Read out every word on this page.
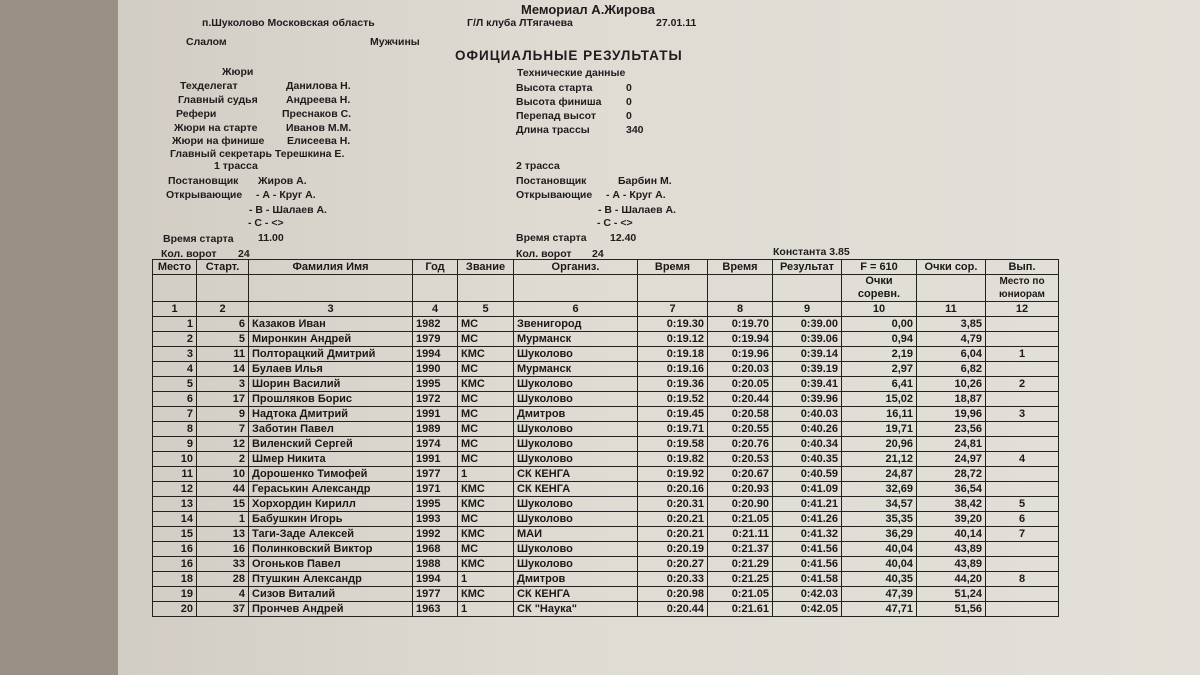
Мемориал А.Жирова
п.Шуколово Московская область	Г/Л клуба ЛТягачева	27.01.11
Слалом	Мужчины
ОФИЦИАЛЬНЫЕ РЕЗУЛЬТАТЫ
Жюри
Техделегат	Данилова Н.
Главный судья	Андреева Н.
Рефери	Преснаков С.
Жюри на старте	Иванов М.М.
Жюри на финише Елисеева Н.
Главный секретарь Терешкина Е.
Технические данные
Высота старта	0
Высота финиша 0
Перепад высот	0
Длина трассы	340
1 трасса
Постановщик Жиров А.
Открывающие - А - Круг А.
- В - Шалаев А.
- С - <>
Время старта 11.00
Кол. ворот 24
2 трасса
Постановщик	Барбин М.
Открывающие - А - Круг А.
- В - Шалаев А.
- С - <>
Время старта 12.40
Кол. ворот 24	Константа 3.85
Место	Старт.	Фамилия Имя	Год	Звание	Организ.	Время	Время	Результат	F = 610	Очки сор.	Вып.
									Очки соревн.		Место по юниорам
1	2	3	4	5	6	7	8	9	10	11	12
1	6	Казаков Иван	1982	МС	Звенигород	0:19.30	0:19.70	0:39.00	0,00	3,85	
2	5	Миронкин Андрей	1979	МС	Мурманск	0:19.12	0:19.94	0:39.06	0,94	4,79	
3	11	Полторацкий Дмитрий	1994	КМС	Шуколово	0:19.18	0:19.96	0:39.14	2,19	6,04	1
4	14	Булаев Илья	1990	МС	Мурманск	0:19.16	0:20.03	0:39.19	2,97	6,82	
5	3	Шорин Василий	1995	КМС	Шуколово	0:19.36	0:20.05	0:39.41	6,41	10,26	2
6	17	Прошляков Борис	1972	МС	Шуколово	0:19.52	0:20.44	0:39.96	15,02	18,87	
7	9	Надтока Дмитрий	1991	МС	Дмитров	0:19.45	0:20.58	0:40.03	16,11	19,96	3
8	7	Заботин Павел	1989	МС	Шуколово	0:19.71	0:20.55	0:40.26	19,71	23,56	
9	12	Виленский Сергей	1974	МС	Шуколово	0:19.58	0:20.76	0:40.34	20,96	24,81	
10	2	Шмер Никита	1991	МС	Шуколово	0:19.82	0:20.53	0:40.35	21,12	24,97	4
11	10	Дорошенко Тимофей	1977	1	СК КЕНГА	0:19.92	0:20.67	0:40.59	24,87	28,72	
12	44	Гераськин Александр	1971	КМС	СК КЕНГА	0:20.16	0:20.93	0:41.09	32,69	36,54	
13	15	Хорхордин Кирилл	1995	КМС	Шуколово	0:20.31	0:20.90	0:41.21	34,57	38,42	5
14	1	Бабушкин Игорь	1993	МС	Шуколово	0:20.21	0:21.05	0:41.26	35,35	39,20	6
15	13	Таги-Заде Алексей	1992	КМС	МАИ	0:20.21	0:21.11	0:41.32	36,29	40,14	7
16	16	Полинковский Виктор	1968	МС	Шуколово	0:20.19	0:21.37	0:41.56	40,04	43,89	
16	33	Огоньков Павел	1988	КМС	Шуколово	0:20.27	0:21.29	0:41.56	40,04	43,89	
18	28	Птушкин Александр	1994	1	Дмитров	0:20.33	0:21.25	0:41.58	40,35	44,20	8
19	4	Сизов Виталий	1977	КМС	СК КЕНГА	0:20.98	0:21.05	0:42.03	47,39	51,24	
20	37	Прончев Андрей	1963	1	СК "Наука"	0:20.44	0:21.61	0:42.05	47,71	51,56	
